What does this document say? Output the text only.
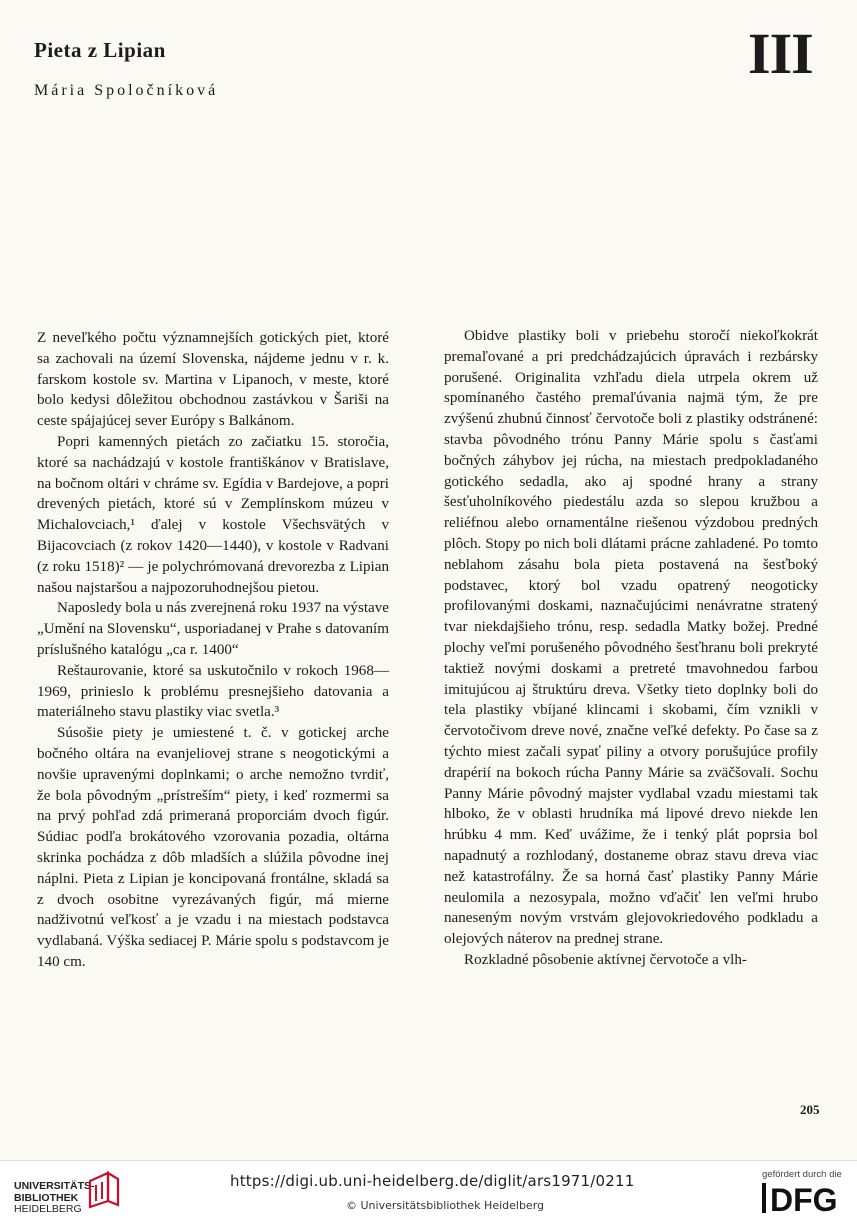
Pieta z Lipian
Mária Spoločníková
III

Z neveľkého počtu významnejších gotických piet, ktoré sa zachovali na území Slovenska, nájdeme jednu v r. k. farskom kostole sv. Martina v Lipanoch, v meste, ktoré bolo kedysi dôležitou obchodnou zastávkou v Šariši na ceste spájajúcej sever Európy s Balkánom.

Popri kamenných pietách zo začiatku 15. storočia, ktoré sa nachádzajú v kostole františkánov v Bratislave, na bočnom oltári v chráme sv. Egídia v Bardejove, a popri drevených pietách, ktoré sú v Zemplínskom múzeu v Michalovciach,¹ ďalej v kostole Všechsvätých v Bijacovciach (z rokov 1420—1440), v kostole v Radvani (z roku 1518)² — je polychrómovaná drevorezba z Lipian našou najstaršou a najpozoruhodnejšou pietou.

Naposledy bola u nás zverejnená roku 1937 na výstave „Umění na Slovensku“, usporiadanej v Prahe s datovaním príslušného katalógu „ca r. 1400“

Reštaurovanie, ktoré sa uskutočnilo v rokoch 1968—1969, prinieslo k problému presnejšieho datovania a materiálneho stavu plastiky viac svetla.³

Súsošie piety je umiestené t. č. v gotickej arche bočného oltára na evanjeliovej strane s neogotickými a novšie upravenými doplnkami; o arche nemožno tvrdiť, že bola pôvodným „prístreším“ piety, i keď rozmermi sa na prvý pohľad zdá primeraná proporciám dvoch figúr. Súdiac podľa brokátového vzorovania pozadia, oltárna skrinka pochádza z dôb mladších a slúžila pôvodne inej náplni. Pieta z Lipian je koncipovaná frontálne, skladá sa z dvoch osobitne vyrezávaných figúr, má mierne nadživotnú veľkosť a je vzadu i na miestach podstavca vydlabaná. Výška sediacej P. Márie spolu s podstavcom je 140 cm.

Obidve plastiky boli v priebehu storočí niekoľkokrát premaľované a pri predchádzajúcich úpravách i rezbársky porušené. Originalita vzhľadu diela utrpela okrem už spomínaného častého premaľúvania najmä tým, že pre zvýšenú zhubnú činnosť červotoče boli z plastiky odstránené: stavba pôvodného trónu Panny Márie spolu s časťami bočných záhybov jej rúcha, na miestach predpokladaného gotického sedadla, ako aj spodné hrany a strany šesťuholníkového piedestálu azda so slepou kružbou a reliéfnou alebo ornamentálne riešenou výzdobou predných plôch. Stopy po nich boli dlátami prácne zahladené. Po tomto neblahom zásahu bola pieta postavená na šesťboký podstavec, ktorý bol vzadu opatrený neogoticky profilovanými doskami, naznačujúcimi nenávratne stratený tvar niekdajšieho trónu, resp. sedadla Matky božej. Predné plochy veľmi porušeného pôvodného šesťhranu boli prekryté taktiež novými doskami a pretreté tmavohnedou farbou imitujúcou aj štruktúru dreva. Všetky tieto doplnky boli do tela plastiky vbíjané klincami i skobami, čím vznikli v červotočivom dreve nové, značne veľké defekty. Po čase sa z týchto miest začali sypať piliny a otvory porušujúce profily drapérií na bokoch rúcha Panny Márie sa zväčšovali. Sochu Panny Márie pôvodný majster vydlabal vzadu miestami tak hlboko, že v oblasti hrudníka má lipové drevo niekde len hrúbku 4 mm. Keď uvážime, že i tenký plát poprsia bol napadnutý a rozhlodaný, dostaneme obraz stavu dreva viac než katastrofálny. Že sa horná časť plastiky Panny Márie neulomila a nezosypala, možno vďačiť len veľmi hrubo naneseným novým vrstvám glejovokriedového podkladu a olejových náterov na prednej strane.

Rozkladné pôsobenie aktívnej červotoče a vlh-

205
UNIVERSITÄTS-
BIBLIOTHEK
HEIDELBERG
https://digi.ub.uni-heidelberg.de/diglit/ars1971/0211
© Universitätsbibliothek Heidelberg
gefördert durch die
DFG
